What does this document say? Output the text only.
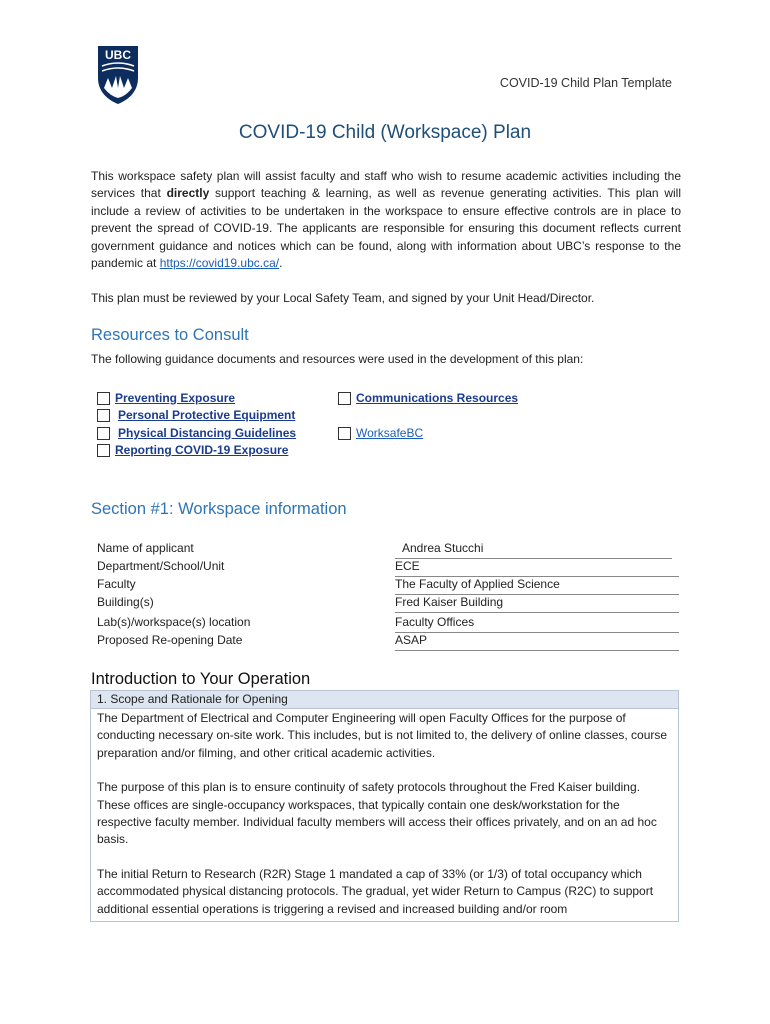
UBC
COVID-19 Child Plan Template
COVID-19 Child (Workspace) Plan
This workspace safety plan will assist faculty and staff who wish to resume academic activities including the services that directly support teaching & learning, as well as revenue generating activities. This plan will include a review of activities to be undertaken in the workspace to ensure effective controls are in place to prevent the spread of COVID-19. The applicants are responsible for ensuring this document reflects current government guidance and notices which can be found, along with information about UBC’s response to the pandemic at https://covid19.ubc.ca/.
This plan must be reviewed by your Local Safety Team, and signed by your Unit Head/Director.
Resources to Consult
The following guidance documents and resources were used in the development of this plan:
Preventing Exposure
Personal Protective Equipment
Physical Distancing Guidelines
Reporting COVID-19 Exposure
Communications Resources
WorksafeBC
Section #1: Workspace information
Name of applicant	Andrea Stucchi
Department/School/Unit	ECE
Faculty	The Faculty of Applied Science
Building(s)	Fred Kaiser Building
Lab(s)/workspace(s) location	Faculty Offices
Proposed Re-opening Date	ASAP
Introduction to Your Operation
1. Scope and Rationale for Opening

The Department of Electrical and Computer Engineering will open Faculty Offices for the purpose of conducting necessary on-site work. This includes, but is not limited to, the delivery of online classes, course preparation and/or filming, and other critical academic activities.

The purpose of this plan is to ensure continuity of safety protocols throughout the Fred Kaiser building. These offices are single-occupancy workspaces, that typically contain one desk/workstation for the respective faculty member. Individual faculty members will access their offices privately, and on an ad hoc basis.

The initial Return to Research (R2R) Stage 1 mandated a cap of 33% (or 1/3) of total occupancy which accommodated physical distancing protocols. The gradual, yet wider Return to Campus (R2C) to support additional essential operations is triggering a revised and increased building and/or room
